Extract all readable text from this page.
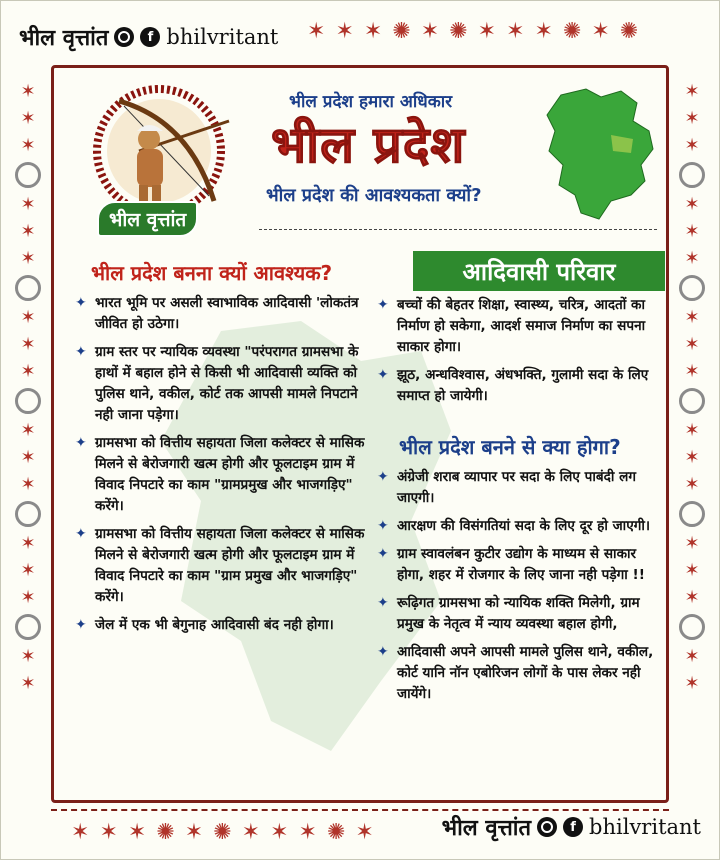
भील वृत्तांत	f bhilvritant ✶ ✶ ✶ ✺ ✶ ✺ ✶ ✶ ✶ ✺ ✶ ✺
✶
✶
✶
✶
✶
✶
✶
✶
✶
✶
✶
✶
✶
✶
✶
✶
✶
✶
✶
✶
✶
✶
✶
✶
✶
✶
✶
✶
✶
✶
✶
✶
✶
✶
भील वृत्तांत
भील प्रदेश हमारा अधिकार
भील प्रदेश
भील प्रदेश की आवश्यकता क्यों?
भील प्रदेश बनना क्यों आवश्यक?
✦ भारत भूमि पर असली स्वाभाविक आदिवासी 'लोकतंत्र जीवित हो उठेगा।
✦ ग्राम स्तर पर न्यायिक व्यवस्था "परंपरागत ग्रामसभा के हाथों में बहाल होने से किसी भी आदिवासी व्यक्ति को पुलिस थाने, वकील, कोर्ट तक आपसी मामले निपटाने नही जाना पड़ेगा।
✦ ग्रामसभा को वित्तीय सहायता जिला कलेक्टर से मासिक मिलने से बेरोजगारी खत्म होगी और फूलटाइम ग्राम में विवाद निपटारे का काम "ग्रामप्रमुख और भाजगड़िए" करेंगे।
✦ ग्रामसभा को वित्तीय सहायता जिला कलेक्टर से मासिक मिलने से बेरोजगारी खत्म होगी और फूलटाइम ग्राम में विवाद निपटारे का काम "ग्राम प्रमुख और भाजगड़िए" करेंगे।
✦ जेल में एक भी बेगुनाह आदिवासी बंद नही होगा।
आदिवासी परिवार
✦ बच्चों की बेहतर शिक्षा, स्वास्थ्य, चरित्र, आदतों का निर्माण हो सकेगा, आदर्श समाज निर्माण का सपना साकार होगा।
✦ झूठ, अन्धविश्वास, अंधभक्ति, गुलामी सदा के लिए समाप्त हो जायेगी।
भील प्रदेश बनने से क्या होगा?
✦ अंग्रेजी शराब व्यापार पर सदा के लिए पाबंदी लग जाएगी।
✦ आरक्षण की विसंगतियां सदा के लिए दूर हो जाएगी।
✦ ग्राम स्वावलंबन कुटीर उद्योग के माध्यम से साकार होगा, शहर में रोजगार के लिए जाना नही पड़ेगा !!
✦ रूढ़िगत ग्रामसभा को न्यायिक शक्ति मिलेगी, ग्राम प्रमुख के नेतृत्व में न्याय व्यवस्था बहाल होगी,
✦ आदिवासी अपने आपसी मामले पुलिस थाने, वकील, कोर्ट यानि नॉन एबोरिजन लोगों के पास लेकर नही जायेंगे।
✶ ✶ ✶ ✺ ✶ ✺ ✶ ✶ ✶ ✺ ✶	भील वृत्तांत	f bhilvritant
